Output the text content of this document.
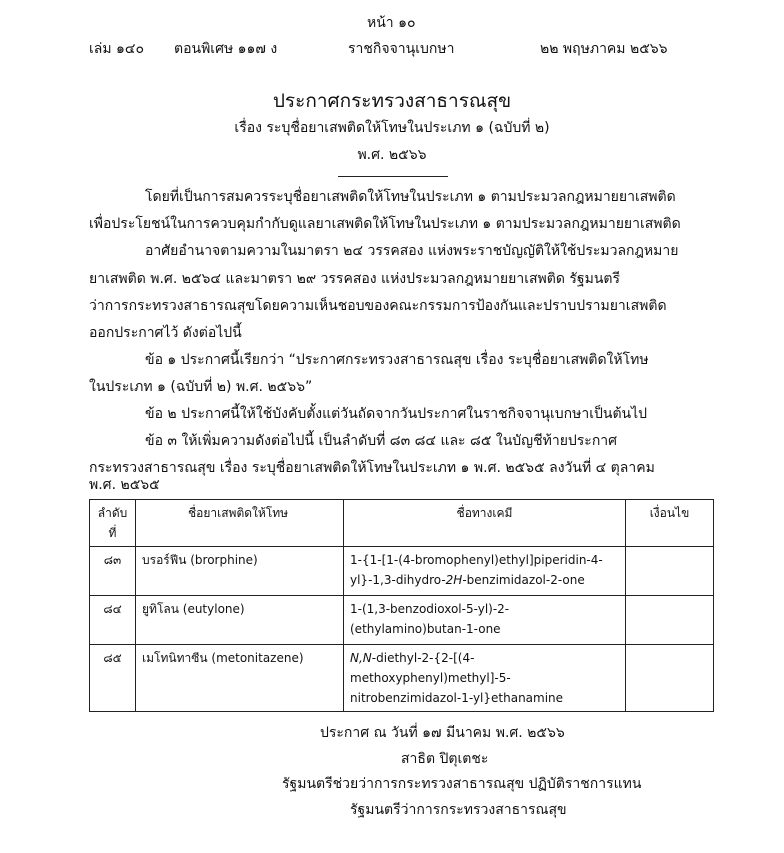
หน้า ๑๐
เล่ม ๑๔๐ ตอนพิเศษ ๑๑๗ ง	ราชกิจจานุเบกษา	๒๒ พฤษภาคม ๒๕๖๖
ประกาศกระทรวงสาธารณสุข
เรื่อง ระบุชื่อยาเสพติดให้โทษในประเภท ๑ (ฉบับที่ ๒)
พ.ศ. ๒๕๖๖
โดยที่เป็นการสมควรระบุชื่อยาเสพติดให้โทษในประเภท ๑ ตามประมวลกฎหมายยาเสพติด
เพื่อประโยชน์ในการควบคุมกำกับดูแลยาเสพติดให้โทษในประเภท ๑ ตามประมวลกฎหมายยาเสพติด
อาศัยอำนาจตามความในมาตรา ๒๔ วรรคสอง แห่งพระราชบัญญัติให้ใช้ประมวลกฎหมาย
ยาเสพติด พ.ศ. ๒๕๖๔ และมาตรา ๒๙ วรรคสอง แห่งประมวลกฎหมายยาเสพติด รัฐมนตรี
ว่าการกระทรวงสาธารณสุขโดยความเห็นชอบของคณะกรรมการป้องกันและปราบปรามยาเสพติด
ออกประกาศไว้ ดังต่อไปนี้
ข้อ ๑ ประกาศนี้เรียกว่า “ประกาศกระทรวงสาธารณสุข เรื่อง ระบุชื่อยาเสพติดให้โทษ
ในประเภท ๑ (ฉบับที่ ๒) พ.ศ. ๒๕๖๖”
ข้อ ๒ ประกาศนี้ให้ใช้บังคับตั้งแต่วันถัดจากวันประกาศในราชกิจจานุเบกษาเป็นต้นไป
ข้อ ๓ ให้เพิ่มความดังต่อไปนี้ เป็นลำดับที่ ๘๓ ๘๔ และ ๘๕ ในบัญชีท้ายประกาศ
กระทรวงสาธารณสุข เรื่อง ระบุชื่อยาเสพติดให้โทษในประเภท ๑ พ.ศ. ๒๕๖๕ ลงวันที่ ๔ ตุลาคม
พ.ศ. ๒๕๖๕
ลำดับที่	ชื่อยาเสพติดให้โทษ	ชื่อทางเคมี	เงื่อนไข
๘๓	บรอร์ฟีน (brorphine)	1-{1-[1-(4-bromophenyl)ethyl]piperidin-4-yl}-1,3-dihydro-2H-benzimidazol-2-one	
๘๔	ยูทิโลน (eutylone)	1-(1,3-benzodioxol-5-yl)-2-(ethylamino)butan-1-one	
๘๕	เมโทนิทาซีน (metonitazene)	N,N-diethyl-2-{2-[(4-methoxyphenyl)methyl]-5-nitrobenzimidazol-1-yl}ethanamine	
ประกาศ ณ วันที่ ๑๗ มีนาคม พ.ศ. ๒๕๖๖
สาธิต ปิตุเตชะ
รัฐมนตรีช่วยว่าการกระทรวงสาธารณสุข ปฏิบัติราชการแทน
รัฐมนตรีว่าการกระทรวงสาธารณสุข
